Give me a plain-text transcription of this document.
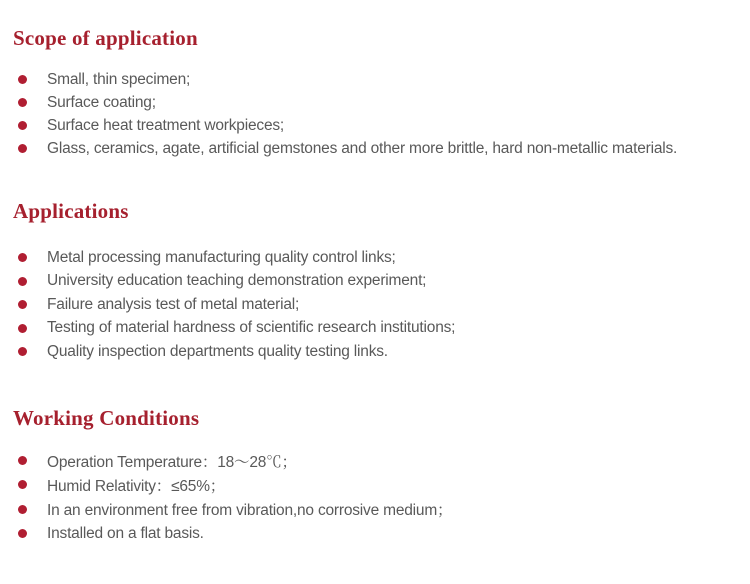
Scope of application
Small, thin specimen;
Surface coating;
Surface heat treatment workpieces;
Glass, ceramics, agate, artificial gemstones and other more brittle, hard non-metallic materials.
Applications
Metal processing manufacturing quality control links;
University education teaching demonstration experiment;
Failure analysis test of metal material;
Testing of material hardness of scientific research institutions;
Quality inspection departments quality testing links.
Working Conditions
Operation Temperature：18～28℃；
Humid Relativity：≤65%；
In an environment free from vibration,no corrosive medium；
Installed on a flat basis.
